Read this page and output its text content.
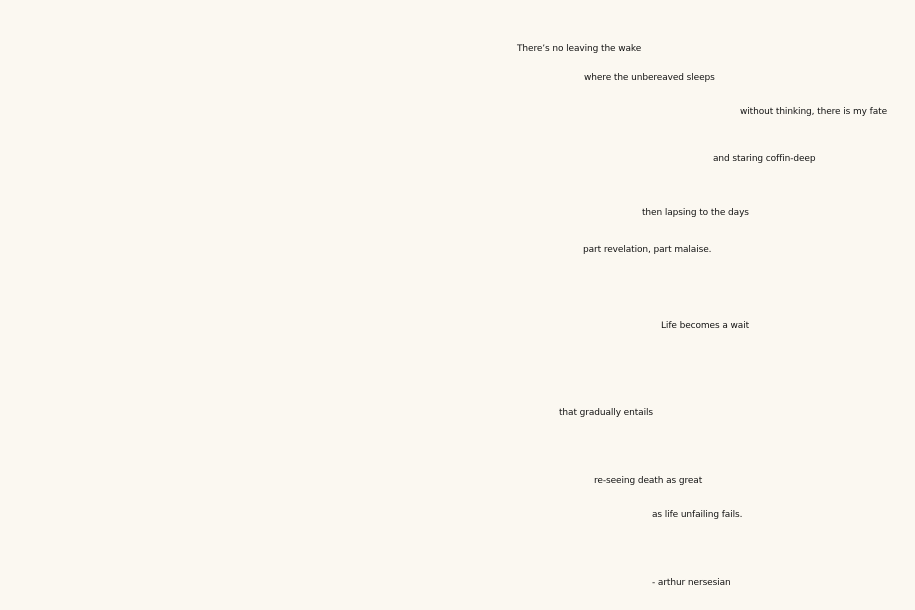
There’s no leaving the wake
where the unbereaved sleeps
without thinking, there is my fate
and staring coffin-deep
then lapsing to the days
part revelation, part malaise.
Life becomes a wait
that gradually entails
re-seeing death as great
as life unfailing fails.
- arthur nersesian
